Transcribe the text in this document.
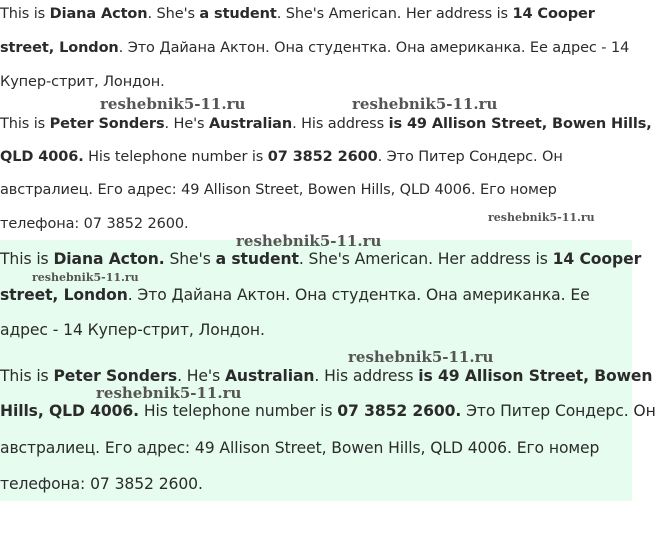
This is Diana Acton. She's a student. She's American. Her address is 14 Cooper
street, London. Это Дайана Актон. Она студентка. Она американка. Ее адрес - 14
Купер-стрит, Лондон.
This is Peter Sonders. He's Australian. His address is 49 Allison Street, Bowen Hills,
QLD 4006. His telephone number is 07 3852 2600. Это Питер Сондерс. Он
австралиец. Его адрес: 49 Allison Street, Bowen Hills, QLD 4006. Его номер
телефона: 07 3852 2600.
This is Diana Acton. She's a student. She's American. Her address is 14 Cooper
street, London. Это Дайана Актон. Она студентка. Она американка. Ее
адрес - 14 Купер-стрит, Лондон.
This is Peter Sonders. He's Australian. His address is 49 Allison Street, Bowen
Hills, QLD 4006. His telephone number is 07 3852 2600. Это Питер Сондерс. Он
австралиец. Его адрес: 49 Allison Street, Bowen Hills, QLD 4006. Его номер
телефона: 07 3852 2600.
reshebnik5-11.ru	reshebnik5-11.ru
reshebnik5-11.ru
reshebnik5-11.ru
reshebnik5-11.ru
reshebnik5-11.ru
reshebnik5-11.ru
